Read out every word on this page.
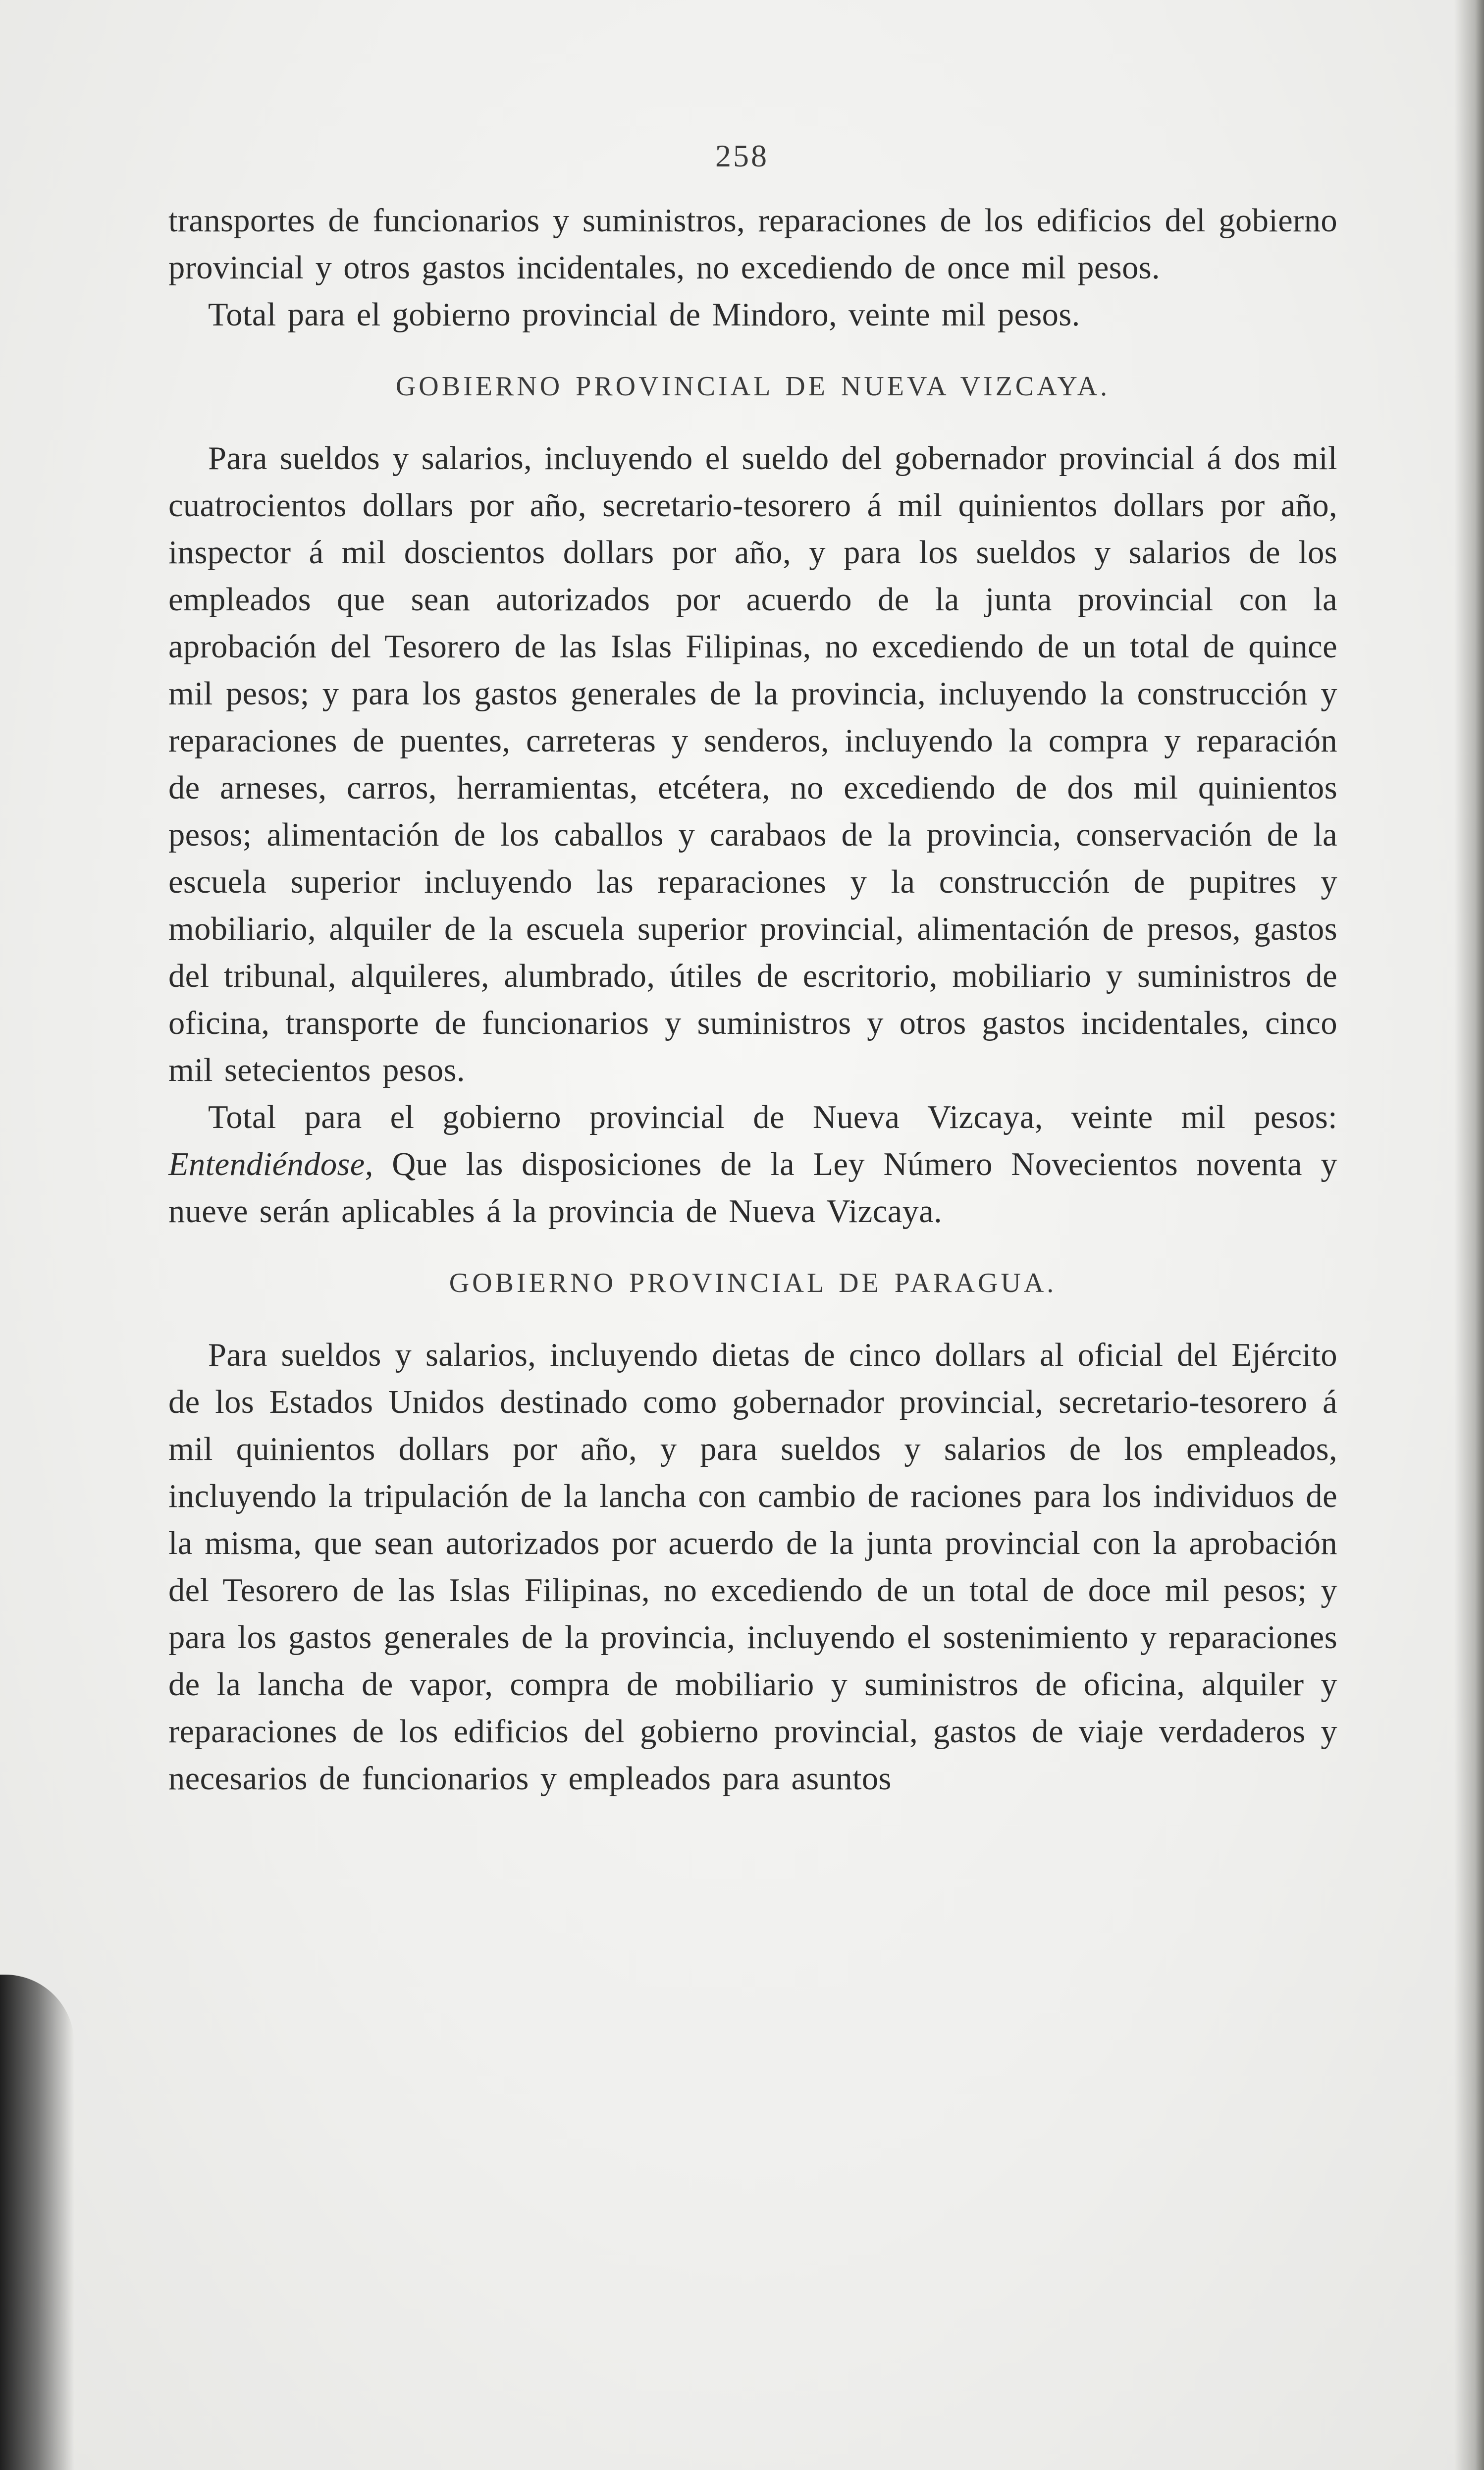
258

transportes de funcionarios y suministros, reparaciones de los edificios del gobierno provincial y otros gastos incidentales, no excediendo de once mil pesos.

Total para el gobierno provincial de Mindoro, veinte mil pesos.

GOBIERNO PROVINCIAL DE NUEVA VIZCAYA.

Para sueldos y salarios, incluyendo el sueldo del gobernador provincial á dos mil cuatrocientos dollars por año, secretario-tesorero á mil quinientos dollars por año, inspector á mil doscientos dollars por año, y para los sueldos y salarios de los empleados que sean autorizados por acuerdo de la junta provincial con la aprobación del Tesorero de las Islas Filipinas, no excediendo de un total de quince mil pesos; y para los gastos generales de la provincia, incluyendo la construcción y reparaciones de puentes, carreteras y senderos, incluyendo la compra y reparación de arneses, carros, herramientas, etcétera, no excediendo de dos mil quinientos pesos; alimentación de los caballos y carabaos de la provincia, conservación de la escuela superior incluyendo las reparaciones y la construcción de pupitres y mobiliario, alquiler de la escuela superior provincial, alimentación de presos, gastos del tribunal, alquileres, alumbrado, útiles de escritorio, mobiliario y suministros de oficina, transporte de funcionarios y suministros y otros gastos incidentales, cinco mil setecientos pesos.

Total para el gobierno provincial de Nueva Vizcaya, veinte mil pesos: Entendiéndose, Que las disposiciones de la Ley Número Novecientos noventa y nueve serán aplicables á la provincia de Nueva Vizcaya.

GOBIERNO PROVINCIAL DE PARAGUA.

Para sueldos y salarios, incluyendo dietas de cinco dollars al oficial del Ejército de los Estados Unidos destinado como gobernador provincial, secretario-tesorero á mil quinientos dollars por año, y para sueldos y salarios de los empleados, incluyendo la tripulación de la lancha con cambio de raciones para los individuos de la misma, que sean autorizados por acuerdo de la junta provincial con la aprobación del Tesorero de las Islas Filipinas, no excediendo de un total de doce mil pesos; y para los gastos generales de la provincia, incluyendo el sostenimiento y reparaciones de la lancha de vapor, compra de mobiliario y suministros de oficina, alquiler y reparaciones de los edificios del gobierno provincial, gastos de viaje verdaderos y necesarios de funcionarios y empleados para asuntos
